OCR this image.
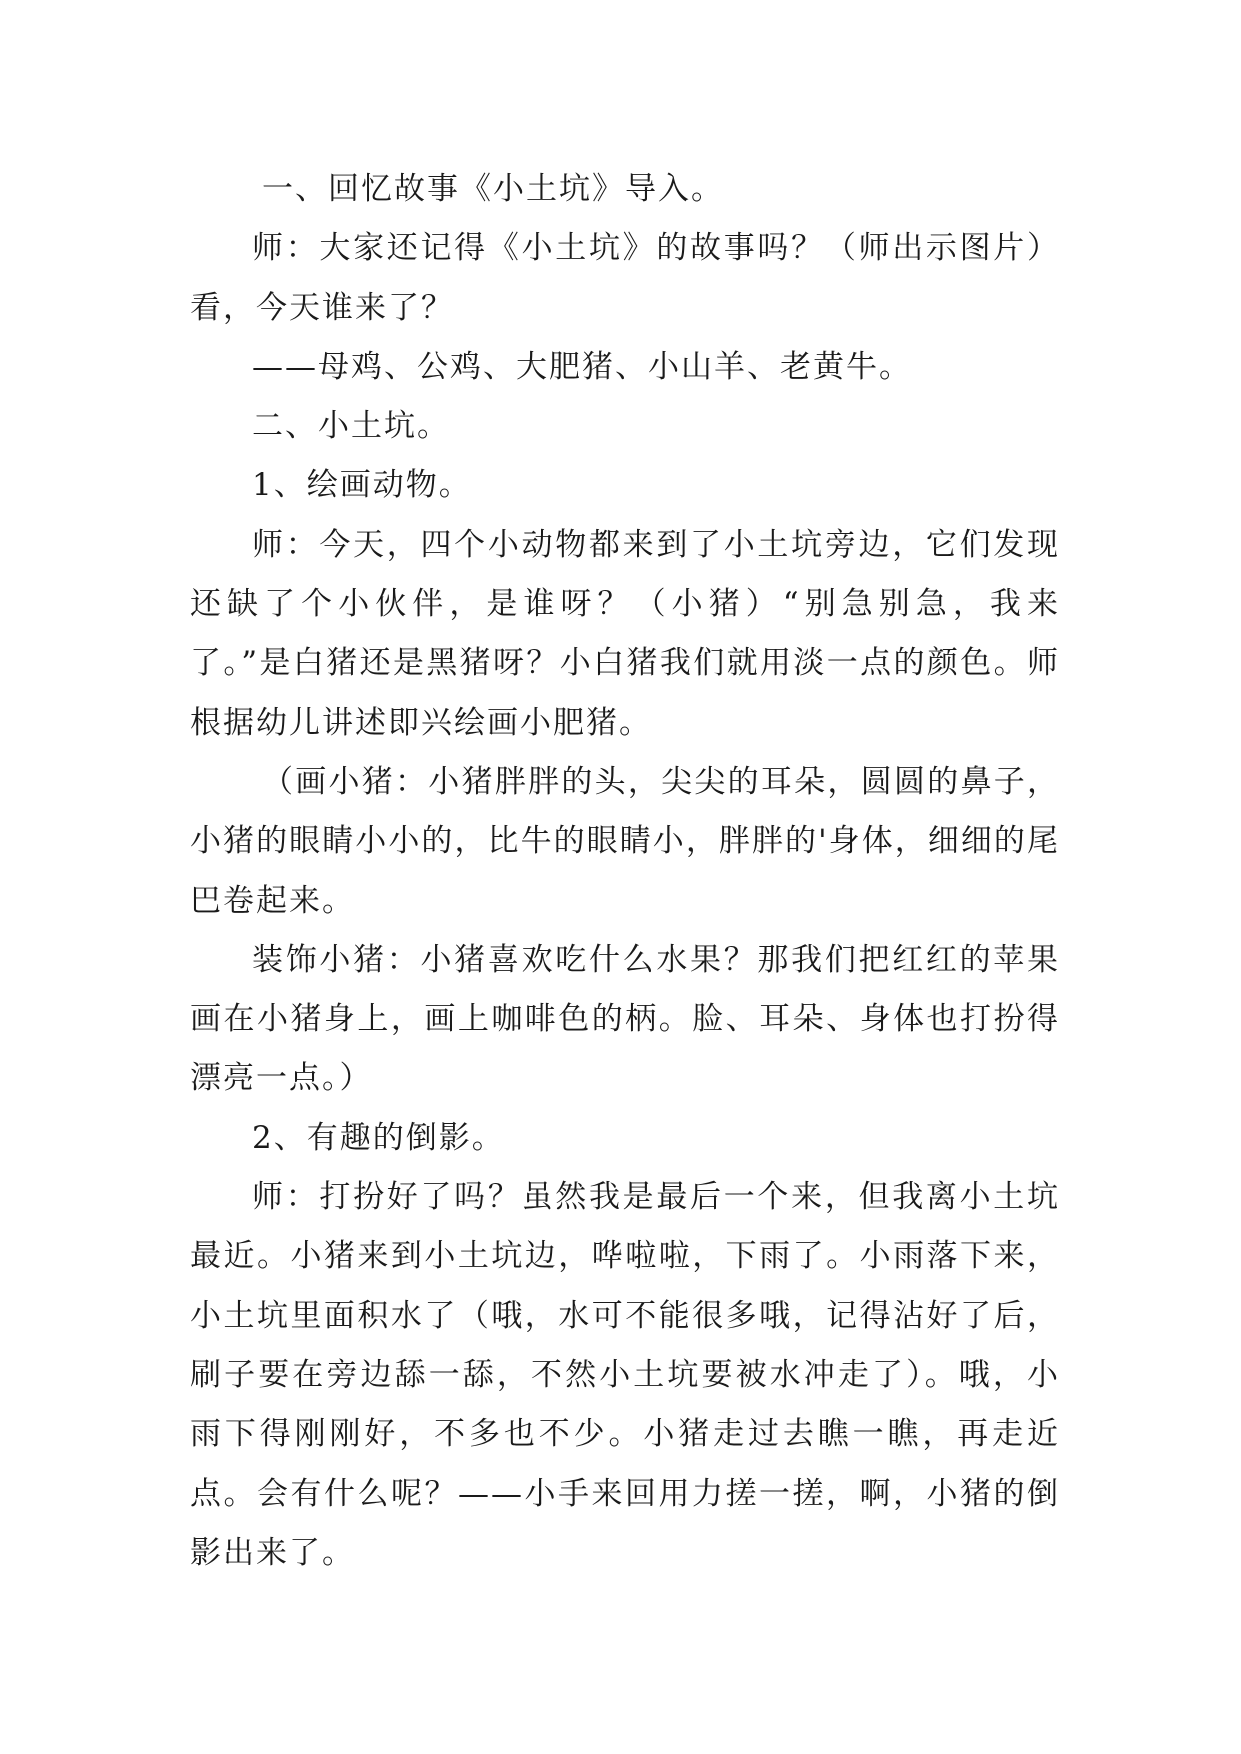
一、回忆故事《小土坑》导入。

师：大家还记得《小土坑》的故事吗？（师出示图片）看，今天谁来了？

——母鸡、公鸡、大肥猪、小山羊、老黄牛。

二、小土坑。

1、绘画动物。

师：今天，四个小动物都来到了小土坑旁边，它们发现还缺了个小伙伴，是谁呀？（小猪）“别急别急，我来了。”是白猪还是黑猪呀？小白猪我们就用淡一点的颜色。师根据幼儿讲述即兴绘画小肥猪。

（画小猪：小猪胖胖的头，尖尖的耳朵，圆圆的鼻子，小猪的眼睛小小的，比牛的眼睛小，胖胖的'身体，细细的尾巴卷起来。

装饰小猪：小猪喜欢吃什么水果？那我们把红红的苹果画在小猪身上，画上咖啡色的柄。脸、耳朵、身体也打扮得漂亮一点。）

2、有趣的倒影。

师：打扮好了吗？虽然我是最后一个来，但我离小土坑最近。小猪来到小土坑边，哗啦啦，下雨了。小雨落下来，小土坑里面积水了（哦，水可不能很多哦，记得沾好了后，刷子要在旁边舔一舔，不然小土坑要被水冲走了）。哦，小雨下得刚刚好，不多也不少。小猪走过去瞧一瞧，再走近点。会有什么呢？——小手来回用力搓一搓，啊，小猪的倒影出来了。
